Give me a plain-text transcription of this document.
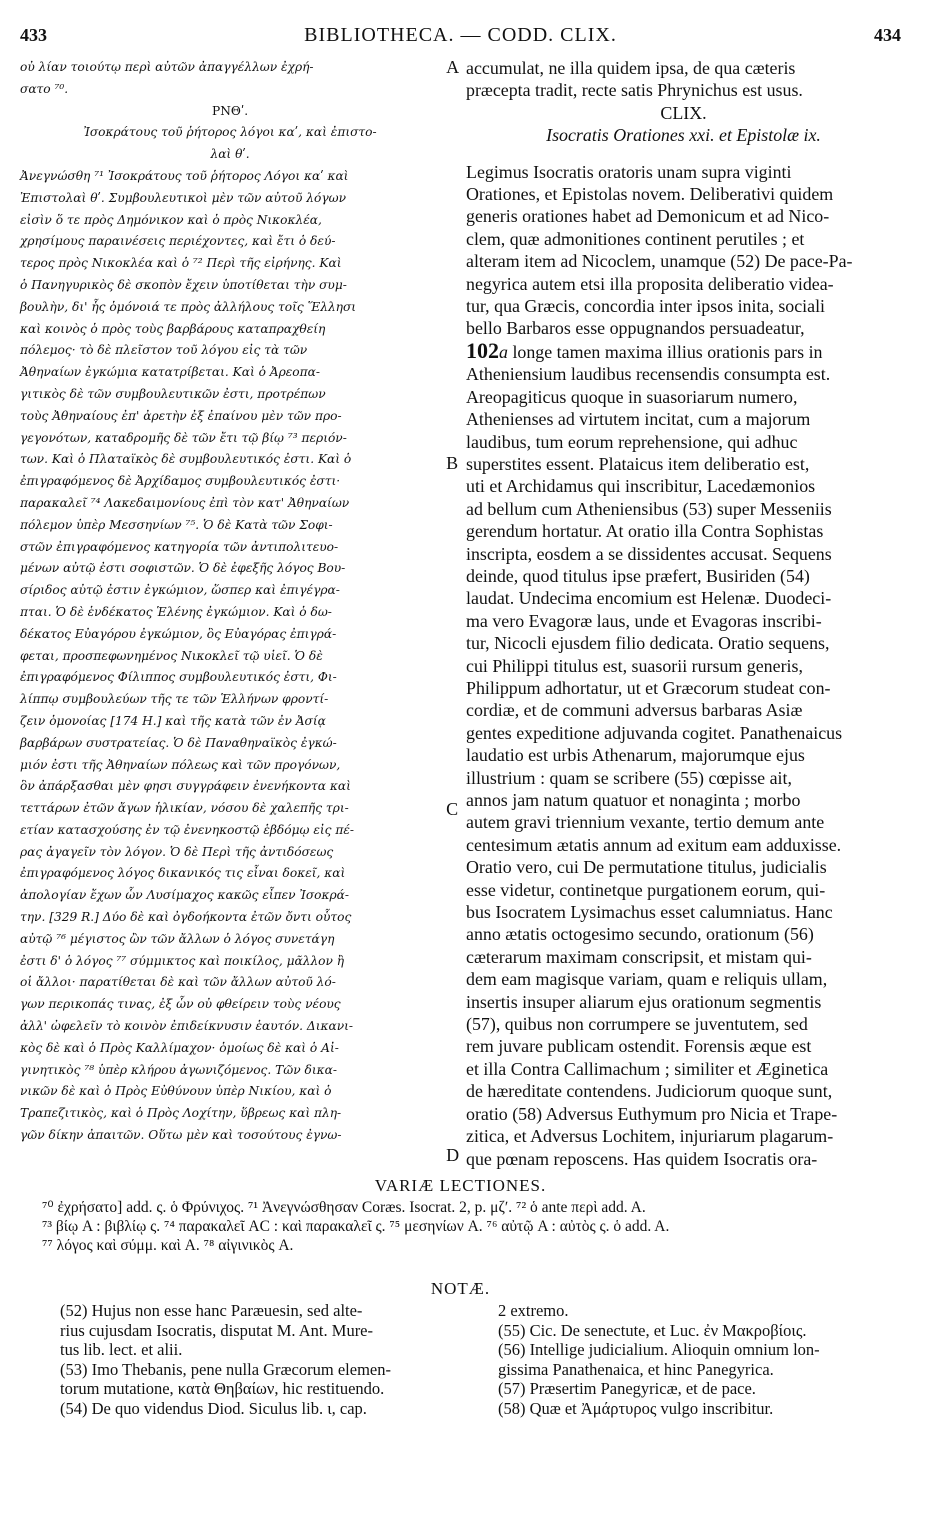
433	BIBLIOTHECA. — CODD. CLIX.	434
οὐ λίαν τοιούτῳ περὶ αὐτῶν ἀπαγγέλλων ἐχρή-
σατο ⁷⁰.
ΡΝΘʹ.
Ἰσοκράτους τοῦ ῥήτορος λόγοι καʹ, καὶ ἐπιστο-
λαὶ θʹ.
Ἀνεγνώσθη ⁷¹ Ἰσοκράτους τοῦ ῥήτορος Λόγοι καʹ καὶ
Ἐπιστολαὶ θʹ. Συμβουλευτικοὶ μὲν τῶν αὐτοῦ λόγων
εἰσὶν ὅ τε πρὸς Δημόνικον καὶ ὁ πρὸς Νικοκλέα,
χρησίμους παραινέσεις περιέχοντες, καὶ ἔτι ὁ δεύ-
τερος πρὸς Νικοκλέα καὶ ὁ ⁷² Περὶ τῆς εἰρήνης. Καὶ
ὁ Πανηγυρικὸς δὲ σκοπὸν ἔχειν ὑποτίθεται τὴν συμ-
βουλὴν, δι' ἧς ὁμόνοιά τε πρὸς ἀλλήλους τοῖς Ἕλλησι
καὶ κοινὸς ὁ πρὸς τοὺς βαρβάρους καταπραχθείη
πόλεμος· τὸ δὲ πλεῖστον τοῦ λόγου εἰς τὰ τῶν
Ἀθηναίων ἐγκώμια κατατρίβεται. Καὶ ὁ Ἀρεοπα-
γιτικὸς δὲ τῶν συμβουλευτικῶν ἐστι, προτρέπων
τοὺς Ἀθηναίους ἐπ' ἀρετὴν ἐξ ἐπαίνου μὲν τῶν προ-
γεγονότων, καταδρομῆς δὲ τῶν ἔτι τῷ βίῳ ⁷³ περιόν-
των. Καὶ ὁ Πλαταϊκὸς δὲ συμβουλευτικός ἐστι. Καὶ ὁ
ἐπιγραφόμενος δὲ Ἀρχίδαμος συμβουλευτικός ἐστι·
παρακαλεῖ ⁷⁴ Λακεδαιμονίους ἐπὶ τὸν κατ' Ἀθηναίων
πόλεμον ὑπὲρ Μεσσηνίων ⁷⁵. Ὁ δὲ Κατὰ τῶν Σοφι-
στῶν ἐπιγραφόμενος κατηγορία τῶν ἀντιπολιτευο-
μένων αὐτῷ ἐστι σοφιστῶν. Ὁ δὲ ἐφεξῆς λόγος Βου-
σίριδος αὐτῷ ἐστιν ἐγκώμιον, ὥσπερ καὶ ἐπιγέγρα-
πται. Ὁ δὲ ἑνδέκατος Ἑλένης ἐγκώμιον. Καὶ ὁ δω-
δέκατος Εὐαγόρου ἐγκώμιον, ὃς Εὐαγόρας ἐπιγρά-
φεται, προσπεφωνημένος Νικοκλεῖ τῷ υἱεῖ. Ὁ δὲ
ἐπιγραφόμενος Φίλιππος συμβουλευτικός ἐστι, Φι-
λίππῳ συμβουλεύων τῆς τε τῶν Ἑλλήνων φροντί-
ζειν ὁμονοίας [174 Η.] καὶ τῆς κατὰ τῶν ἐν Ἀσίᾳ
βαρβάρων συστρατείας. Ὁ δὲ Παναθηναϊκὸς ἐγκώ-
μιόν ἐστι τῆς Ἀθηναίων πόλεως καὶ τῶν προγόνων,
ὃν ἀπάρξασθαι μὲν φησι συγγράφειν ἐνενήκοντα καὶ
τεττάρων ἐτῶν ἄγων ἡλικίαν, νόσου δὲ χαλεπῆς τρι-
ετίαν κατασχούσης ἐν τῷ ἐνενηκοστῷ ἑβδόμῳ εἰς πέ-
ρας ἀγαγεῖν τὸν λόγον. Ὁ δὲ Περὶ τῆς ἀντιδόσεως
ἐπιγραφόμενος λόγος δικανικός τις εἶναι δοκεῖ, καὶ
ἀπολογίαν ἔχων ὧν Λυσίμαχος κακῶς εἶπεν Ἰσοκρά-
την. [329 R.] Δύο δὲ καὶ ὀγδοήκοντα ἐτῶν ὄντι οὗτος
αὐτῷ ⁷⁶ μέγιστος ὢν τῶν ἄλλων ὁ λόγος συνετάγη
ἐστι δ' ὁ λόγος ⁷⁷ σύμμικτος καὶ ποικίλος, μᾶλλον ἢ
οἱ ἄλλοι· παρατίθεται δὲ καὶ τῶν ἄλλων αὐτοῦ λό-
γων περικοπάς τινας, ἐξ ὧν οὐ φθείρειν τοὺς νέους
ἀλλ' ὠφελεῖν τὸ κοινὸν ἐπιδείκνυσιν ἑαυτόν. Δικανι-
κὸς δὲ καὶ ὁ Πρὸς Καλλίμαχον· ὁμοίως δὲ καὶ ὁ Αἰ-
γινητικὸς ⁷⁸ ὑπὲρ κλήρου ἀγωνιζόμενος. Τῶν δικα-
νικῶν δὲ καὶ ὁ Πρὸς Εὐθύνουν ὑπὲρ Νικίου, καὶ ὁ
Τραπεζιτικὸς, καὶ ὁ Πρὸς Λοχίτην, ὕβρεως καὶ πλη-
γῶν δίκην ἀπαιτῶν. Οὕτω μὲν καὶ τοσούτους ἐγνω-
A
B
C
D
accumulat, ne illa quidem ipsa, de qua cæteris
præcepta tradit, recte satis Phrynichus est usus.
CLIX.
Isocratis Orationes xxi. et Epistolæ ix.
Legimus Isocratis oratoris unam supra viginti
Orationes, et Epistolas novem. Deliberativi quidem
generis orationes habet ad Demonicum et ad Nico-
clem, quæ admonitiones continent perutiles ; et
alteram item ad Nicoclem, unamque (52) De pace-Pa-
negyrica autem etsi illa proposita deliberatio videa-
tur, qua Græcis, concordia inter ipsos inita, sociali
bello Barbaros esse oppugnandos persuadeatur,
102a longe tamen maxima illius orationis pars in
Atheniensium laudibus recensendis consumpta est.
Areopagiticus quoque in suasoriarum numero,
Athenienses ad virtutem incitat, cum a majorum
laudibus, tum eorum reprehensione, qui adhuc
superstites essent. Plataicus item deliberatio est,
uti et Archidamus qui inscribitur, Lacedæmonios
ad bellum cum Atheniensibus (53) super Messeniis
gerendum hortatur. At oratio illa Contra Sophistas
inscripta, eosdem a se dissidentes accusat. Sequens
deinde, quod titulus ipse præfert, Busiriden (54)
laudat. Undecima encomium est Helenæ. Duodeci-
ma vero Evagoræ laus, unde et Evagoras inscribi-
tur, Nicocli ejusdem filio dedicata. Oratio sequens,
cui Philippi titulus est, suasorii rursum generis,
Philippum adhortatur, ut et Græcorum studeat con-
cordiæ, et de communi adversus barbaras Asiæ
gentes expeditione adjuvanda cogitet. Panathenaicus
laudatio est urbis Athenarum, majorumque ejus
illustrium : quam se scribere (55) cœpisse ait,
annos jam natum quatuor et nonaginta ; morbo
autem gravi triennium vexante, tertio demum ante
centesimum ætatis annum ad exitum eam adduxisse.
Oratio vero, cui De permutatione titulus, judicialis
esse videtur, continetque purgationem eorum, qui-
bus Isocratem Lysimachus esset calumniatus. Hanc
anno ætatis octogesimo secundo, orationum (56)
cæterarum maximam conscripsit, et mistam qui-
dem eam magisque variam, quam e reliquis ullam,
insertis insuper aliarum ejus orationum segmentis
(57), quibus non corrumpere se juventutem, sed
rem juvare publicam ostendit. Forensis æque est
et illa Contra Callimachum ; similiter et Æginetica
de hæreditate contendens. Judiciorum quoque sunt,
oratio (58) Adversus Euthymum pro Nicia et Trape-
zitica, et Adversus Lochitem, injuriarum plagarum-
que pœnam reposcens. Has quidem Isocratis ora-
VARIÆ LECTIONES.
⁷⁰ ἐχρήσατο] add. ς. ὁ Φρύνιχος. ⁷¹ Ἀνεγνώσθησαν Coræs. Isocrat. 2, p. μζʹ. ⁷² ὁ ante περὶ add. A.
⁷³ βίῳ A : βιβλίῳ ς. ⁷⁴ παρακαλεῖ AC : καὶ παρακαλεῖ ς. ⁷⁵ μεσηνίων A. ⁷⁶ αὐτῷ A : αὐτὸς ς. ὁ add. A.
⁷⁷ λόγος καὶ σύμμ. καὶ A. ⁷⁸ αἰγινικὸς A.
NOTÆ.
(52) Hujus non esse hanc Paræuesin, sed alte-
rius cujusdam Isocratis, disputat M. Ant. Mure-
tus lib. lect. et alii.
(53) Imo Thebanis, pene nulla Græcorum elemen-
torum mutatione, κατὰ Θηβαίων, hic restituendo.
(54) De quo videndus Diod. Siculus lib. ι, cap.
2 extremo.
(55) Cic. De senectute, et Luc. ἐν Μακροβίοις.
(56) Intellige judicialium. Alioquin omnium lon-
gissima Panathenaica, et hinc Panegyrica.
(57) Præsertim Panegyricæ, et de pace.
(58) Quæ et Ἀμάρτυρος vulgo inscribitur.
